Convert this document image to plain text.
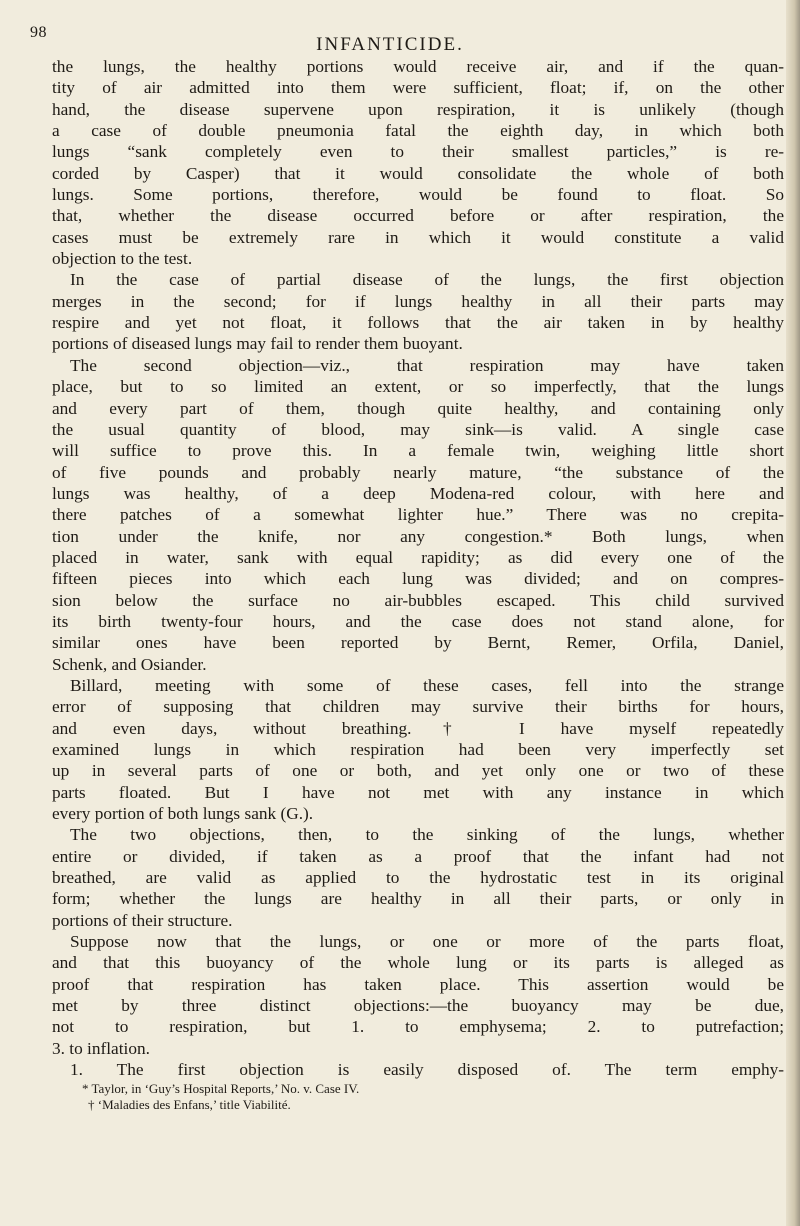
98
INFANTICIDE.
the lungs, the healthy portions would receive air, and if the quan-
tity of air admitted into them were sufficient, float; if, on the other
hand, the disease supervene upon respiration, it is unlikely (though
a case of double pneumonia fatal the eighth day, in which both
lungs “sank completely even to their smallest particles,” is re-
corded by Casper) that it would consolidate the whole of both
lungs. Some portions, therefore, would be found to float. So
that, whether the disease occurred before or after respiration, the
cases must be extremely rare in which it would constitute a valid
objection to the test.
In the case of partial disease of the lungs, the first objection
merges in the second; for if lungs healthy in all their parts may
respire and yet not float, it follows that the air taken in by healthy
portions of diseased lungs may fail to render them buoyant.
The second objection—viz., that respiration may have taken
place, but to so limited an extent, or so imperfectly, that the lungs
and every part of them, though quite healthy, and containing only
the usual quantity of blood, may sink—is valid. A single case
will suffice to prove this. In a female twin, weighing little short
of five pounds and probably nearly mature, “the substance of the
lungs was healthy, of a deep Modena-red colour, with here and
there patches of a somewhat lighter hue.” There was no crepita-
tion under the knife, nor any congestion.* Both lungs, when
placed in water, sank with equal rapidity; as did every one of the
fifteen pieces into which each lung was divided; and on compres-
sion below the surface no air-bubbles escaped. This child survived
its birth twenty-four hours, and the case does not stand alone, for
similar ones have been reported by Bernt, Remer, Orfila, Daniel,
Schenk, and Osiander.
Billard, meeting with some of these cases, fell into the strange
error of supposing that children may survive their births for hours,
and even days, without breathing.† I have myself repeatedly
examined lungs in which respiration had been very imperfectly set
up in several parts of one or both, and yet only one or two of these
parts floated. But I have not met with any instance in which
every portion of both lungs sank (G.).
The two objections, then, to the sinking of the lungs, whether
entire or divided, if taken as a proof that the infant had not
breathed, are valid as applied to the hydrostatic test in its original
form; whether the lungs are healthy in all their parts, or only in
portions of their structure.
Suppose now that the lungs, or one or more of the parts float,
and that this buoyancy of the whole lung or its parts is alleged as
proof that respiration has taken place. This assertion would be
met by three distinct objections:—the buoyancy may be due,
not to respiration, but 1. to emphysema; 2. to putrefaction;
3. to inflation.
1. The first objection is easily disposed of. The term emphy-
* Taylor, in ‘Guy’s Hospital Reports,’ No. v. Case IV.
† ‘Maladies des Enfans,’ title Viabilité.
